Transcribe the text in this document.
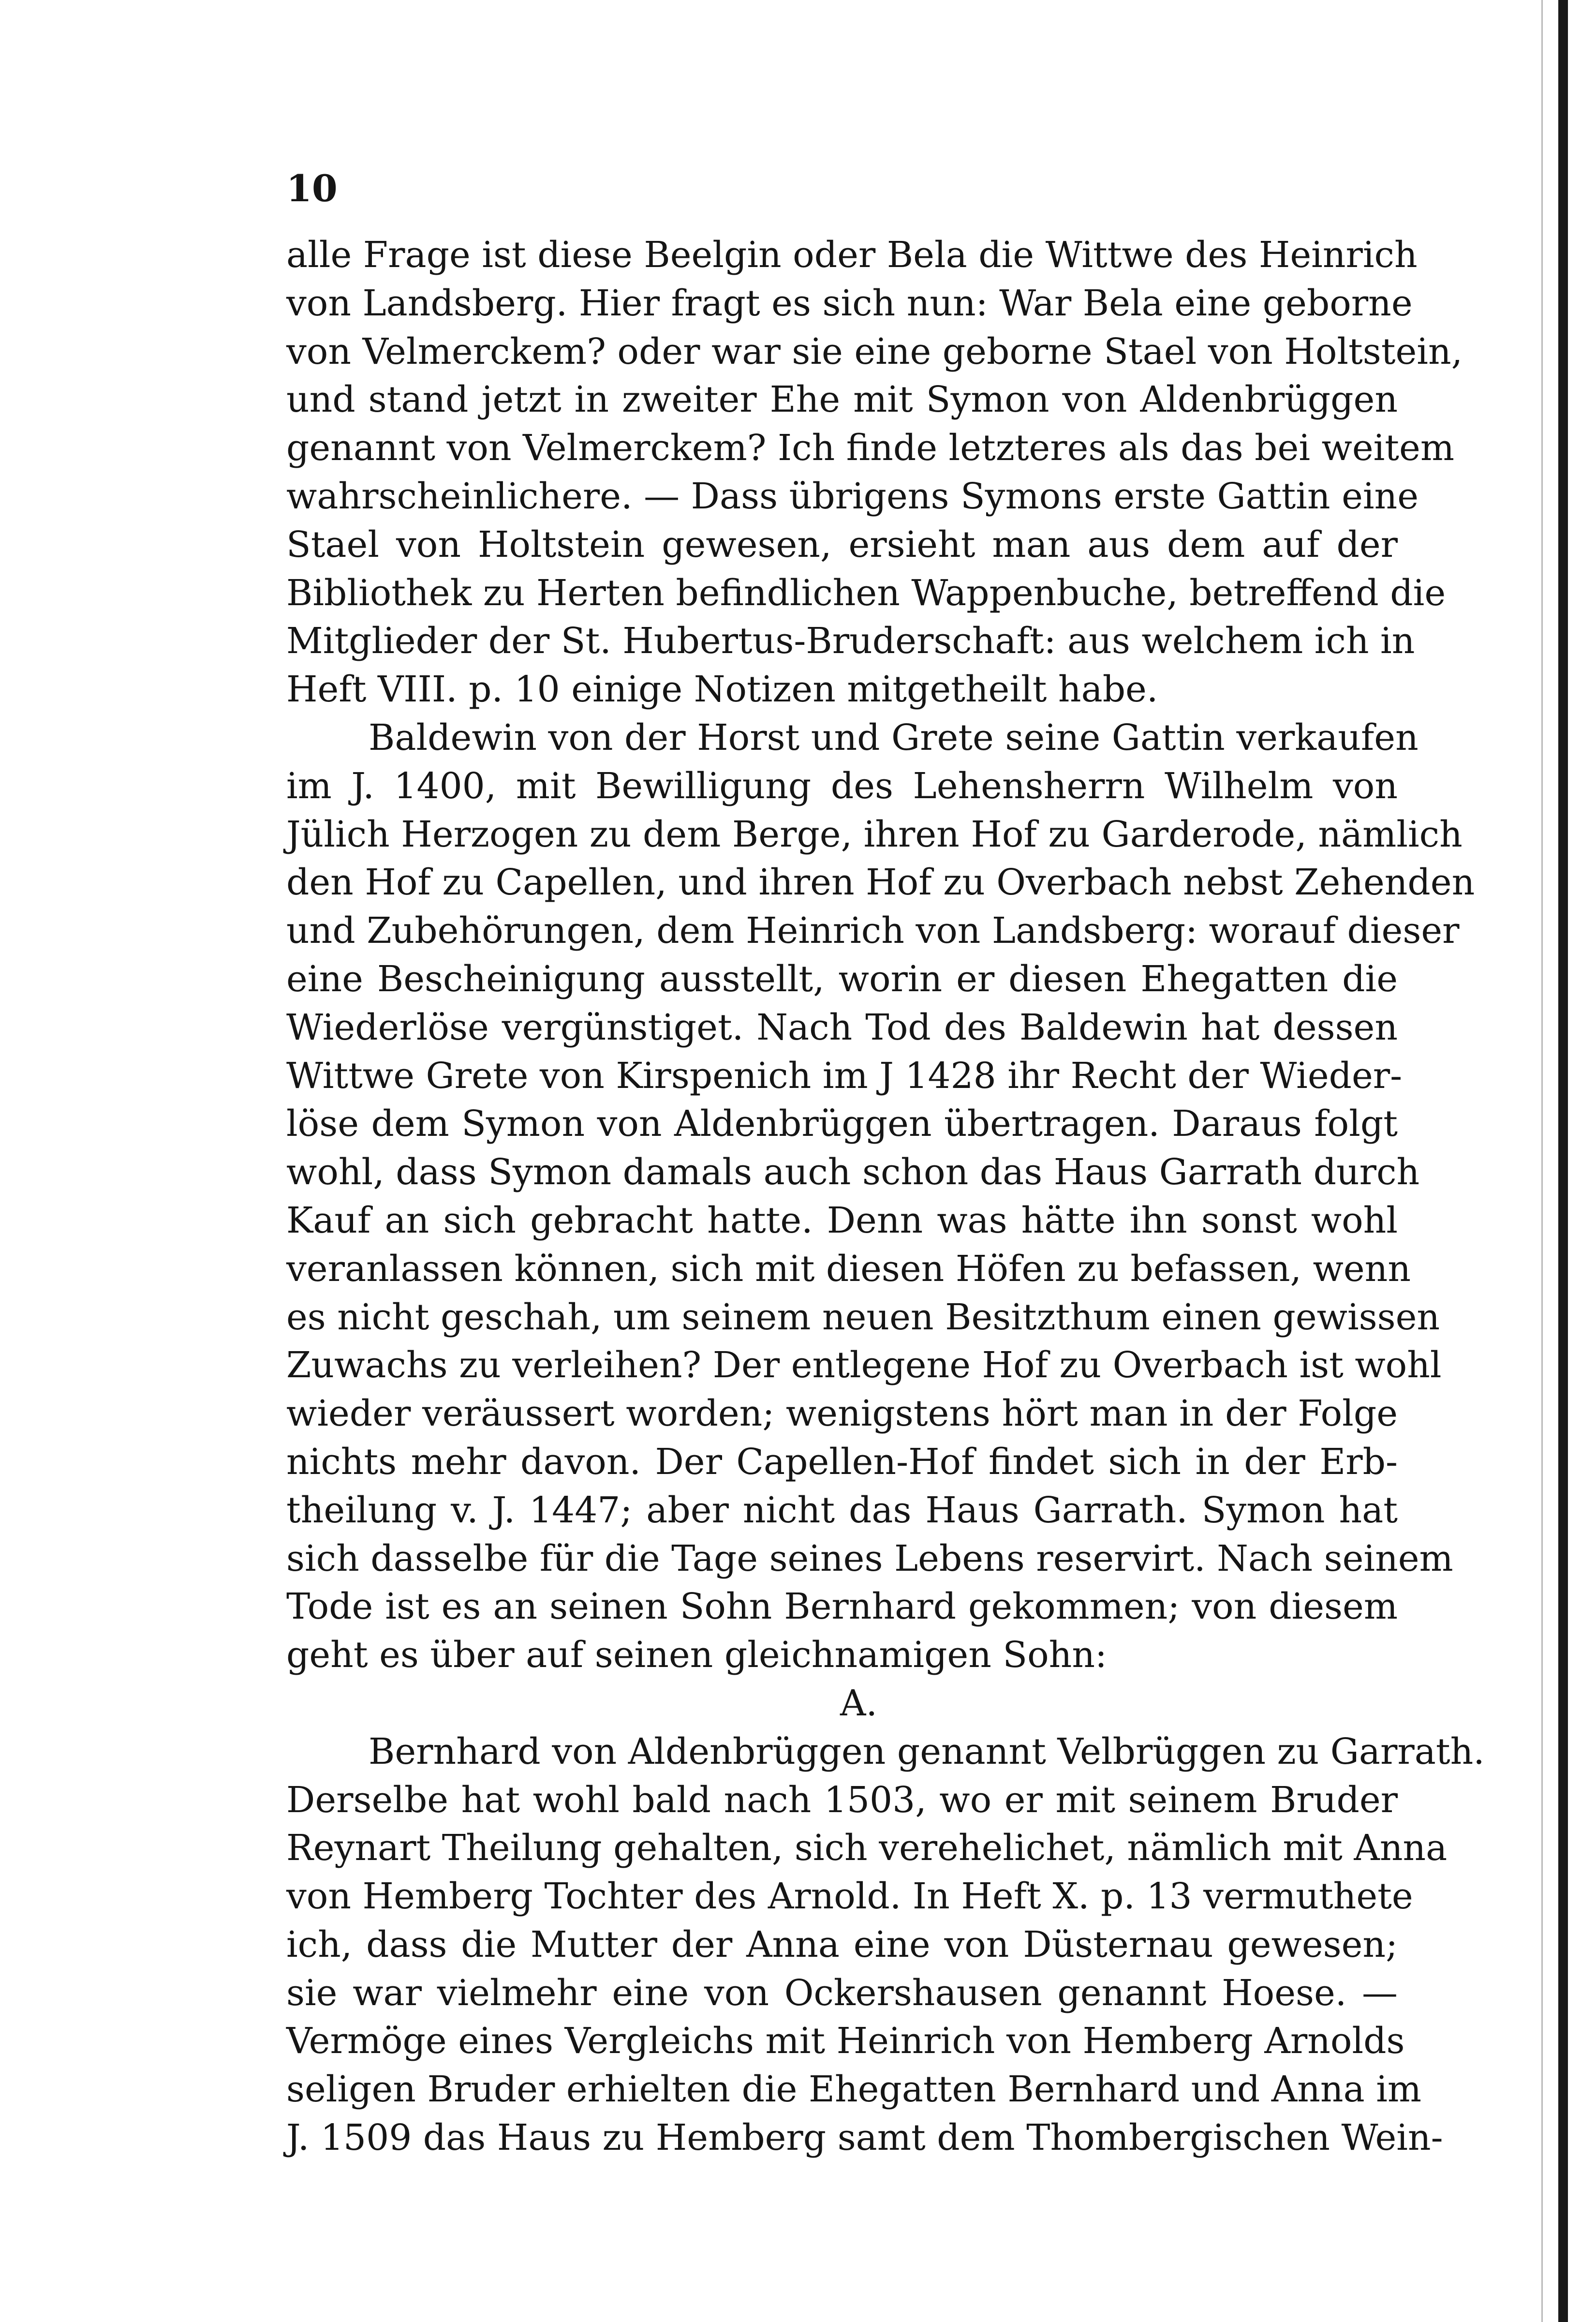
10
alle Frage ist diese Beelgin oder Bela die Wittwe des Heinrich
von Landsberg. Hier fragt es sich nun: War Bela eine geborne
von Velmerckem? oder war sie eine geborne Stael von Holtstein,
und stand jetzt in zweiter Ehe mit Symon von Aldenbrüggen
genannt von Velmerckem? Ich finde letzteres als das bei weitem
wahrscheinlichere. — Dass übrigens Symons erste Gattin eine
Stael von Holtstein gewesen, ersieht man aus dem auf der
Bibliothek zu Herten befindlichen Wappenbuche, betreffend die
Mitglieder der St. Hubertus-Bruderschaft: aus welchem ich in
Heft VIII. p. 10 einige Notizen mitgetheilt habe.
Baldewin von der Horst und Grete seine Gattin verkaufen
im J. 1400, mit Bewilligung des Lehensherrn Wilhelm von
Jülich Herzogen zu dem Berge, ihren Hof zu Garderode, nämlich
den Hof zu Capellen, und ihren Hof zu Overbach nebst Zehenden
und Zubehörungen, dem Heinrich von Landsberg: worauf dieser
eine Bescheinigung ausstellt, worin er diesen Ehegatten die
Wiederlöse vergünstiget. Nach Tod des Baldewin hat dessen
Wittwe Grete von Kirspenich im J 1428 ihr Recht der Wieder-
löse dem Symon von Aldenbrüggen übertragen. Daraus folgt
wohl, dass Symon damals auch schon das Haus Garrath durch
Kauf an sich gebracht hatte. Denn was hätte ihn sonst wohl
veranlassen können, sich mit diesen Höfen zu befassen, wenn
es nicht geschah, um seinem neuen Besitzthum einen gewissen
Zuwachs zu verleihen? Der entlegene Hof zu Overbach ist wohl
wieder veräussert worden; wenigstens hört man in der Folge
nichts mehr davon. Der Capellen-Hof findet sich in der Erb-
theilung v. J. 1447; aber nicht das Haus Garrath. Symon hat
sich dasselbe für die Tage seines Lebens reservirt. Nach seinem
Tode ist es an seinen Sohn Bernhard gekommen; von diesem
geht es über auf seinen gleichnamigen Sohn:
A.
Bernhard von Aldenbrüggen genannt Velbrüggen zu Garrath.
Derselbe hat wohl bald nach 1503, wo er mit seinem Bruder
Reynart Theilung gehalten, sich verehelichet, nämlich mit Anna
von Hemberg Tochter des Arnold. In Heft X. p. 13 vermuthete
ich, dass die Mutter der Anna eine von Düsternau gewesen;
sie war vielmehr eine von Ockershausen genannt Hoese. —
Vermöge eines Vergleichs mit Heinrich von Hemberg Arnolds
seligen Bruder erhielten die Ehegatten Bernhard und Anna im
J. 1509 das Haus zu Hemberg samt dem Thombergischen Wein-
